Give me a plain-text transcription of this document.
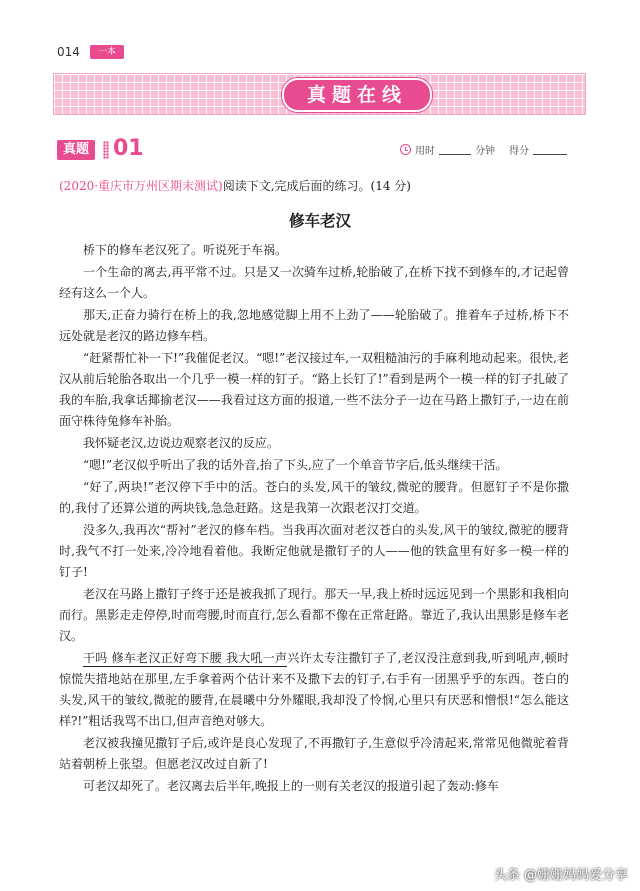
014	一本
真题在线
真题 01	用时	分钟 得分
(2020·重庆市万州区期末测试)阅读下文,完成后面的练习。(14 分)
修车老汉

桥下的修车老汉死了。听说死于车祸。

一个生命的离去,再平常不过。只是又一次骑车过桥,轮胎破了,在桥下找不到修车的,才记起曾经有这么一个人。

那天,正奋力骑行在桥上的我,忽地感觉脚上用不上劲了——轮胎破了。推着车子过桥,桥下不远处就是老汉的路边修车档。

“赶紧帮忙补一下!”我催促老汉。“嗯!”老汉接过车,一双粗糙油污的手麻利地动起来。很快,老汉从前后轮胎各取出一个几乎一模一样的钉子。“路上长钉了!”看到是两个一模一样的钉子扎破了我的车胎,我拿话揶揄老汉——我看过这方面的报道,一些不法分子一边在马路上撒钉子,一边在前面守株待兔修车补胎。

我怀疑老汉,边说边观察老汉的反应。

“嗯!”老汉似乎听出了我的话外音,抬了下头,应了一个单音节字后,低头继续干活。

“好了,两块!”老汉停下手中的活。苍白的头发,风干的皱纹,微驼的腰背。但愿钉子不是你撒的,我付了还算公道的两块钱,急急赶路。这是我第一次跟老汉打交道。

没多久,我再次“帮衬”老汉的修车档。当我再次面对老汉苍白的头发,风干的皱纹,微驼的腰背时,我气不打一处来,冷冷地看着他。我断定他就是撒钉子的人——他的铁盒里有好多一模一样的钉子!

老汉在马路上撒钉子终于还是被我抓了现行。那天一早,我上桥时远远见到一个黑影和我相向而行。黑影走走停停,时而弯腰,时而直行,怎么看都不像在正常赶路。靠近了,我认出黑影是修车老汉。

干吗 修车老汉正好弯下腰 我大吼一声兴许太专注撒钉子了,老汉没注意到我,听到吼声,顿时惊慌失措地站在那里,左手拿着两个估计来不及撒下去的钉子,右手有一团黑乎乎的东西。苍白的头发,风干的皱纹,微驼的腰背,在晨曦中分外耀眼,我却没了怜悯,心里只有厌恶和憎恨!“怎么能这样?!”粗话我骂不出口,但声音绝对够大。

老汉被我撞见撒钉子后,或许是良心发现了,不再撒钉子,生意似乎冷清起来,常常见他微驼着背站着朝桥上张望。但愿老汉改过自新了!

可老汉却死了。老汉离去后半年,晚报上的一则有关老汉的报道引起了轰动:修车

头条 @姗姗妈妈爱分享
